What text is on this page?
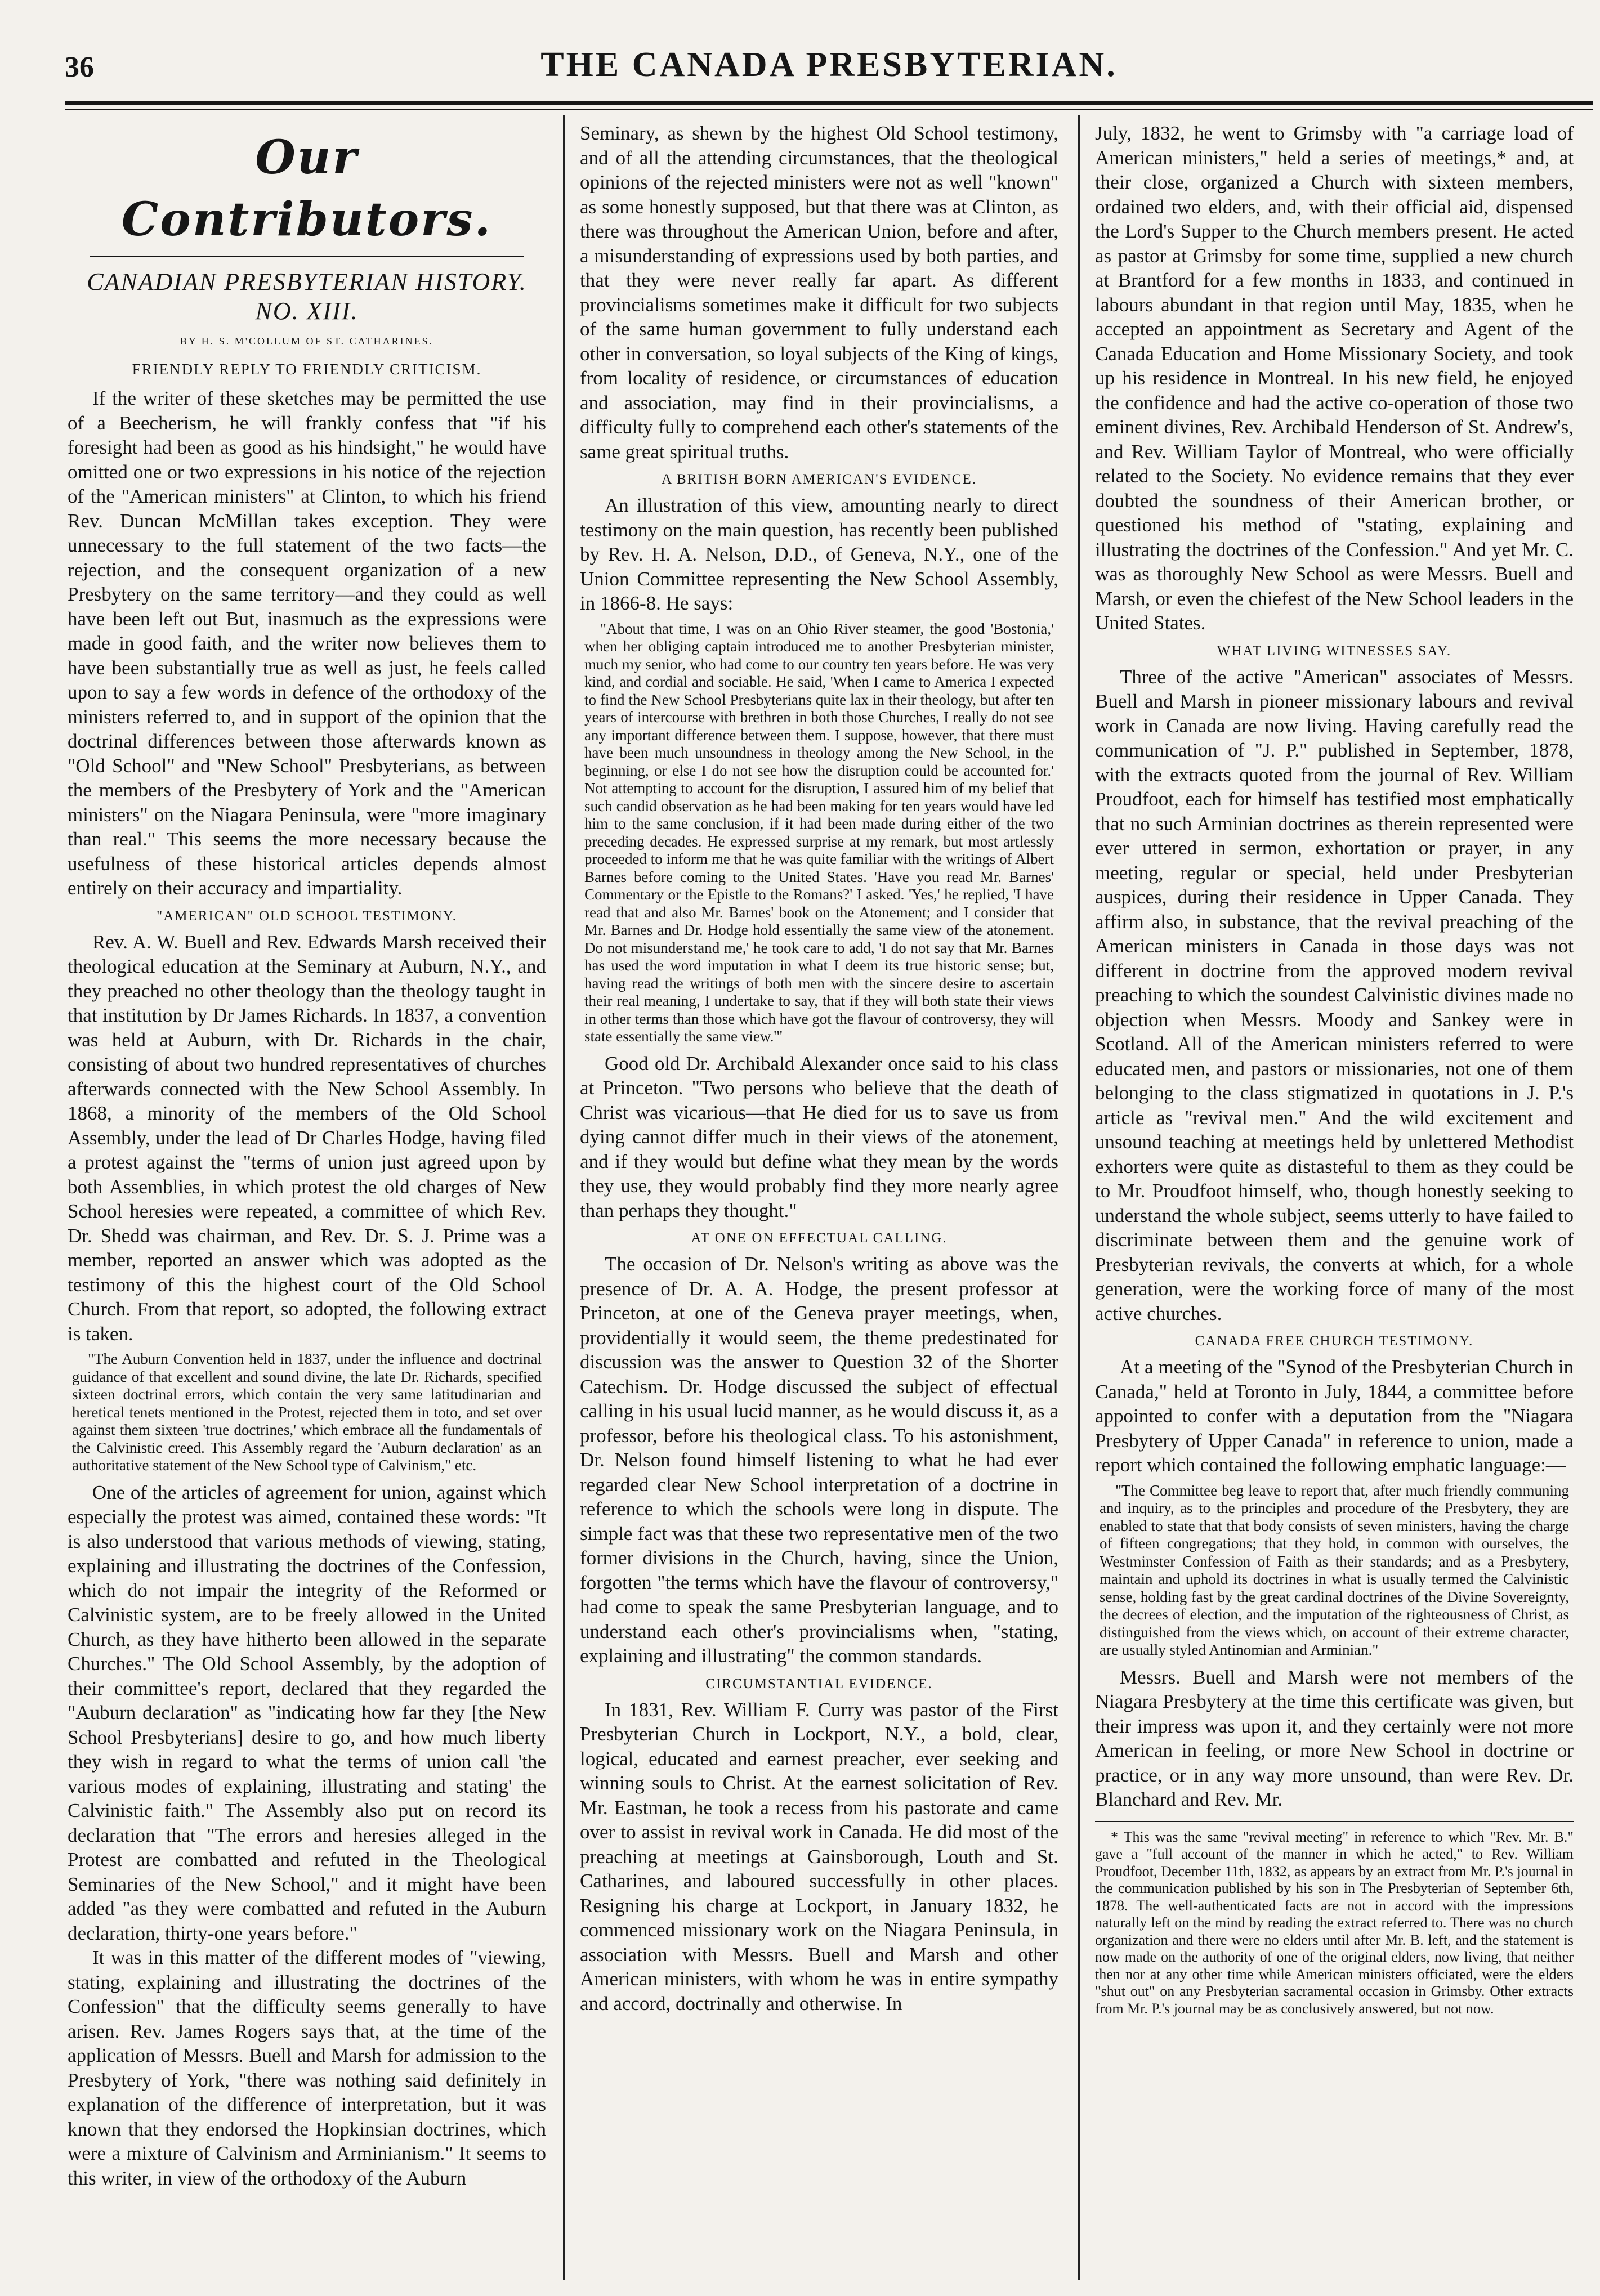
36	THE CANADA PRESBYTERIAN.
Our Contributors.
CANADIAN PRESBYTERIAN HISTORY.
NO. XIII.
BY H. S. M'COLLUM OF ST. CATHARINES.
FRIENDLY REPLY TO FRIENDLY CRITICISM.

If the writer of these sketches may be permitted the use of a Beecherism, he will frankly confess that "if his foresight had been as good as his hindsight," he would have omitted one or two expressions in his notice of the rejection of the "American ministers" at Clinton, to which his friend Rev. Duncan McMillan takes exception. They were unnecessary to the full statement of the two facts—the rejection, and the consequent organization of a new Presbytery on the same territory—and they could as well have been left out But, inasmuch as the expressions were made in good faith, and the writer now believes them to have been substantially true as well as just, he feels called upon to say a few words in defence of the orthodoxy of the ministers referred to, and in support of the opinion that the doctrinal differences between those afterwards known as "Old School" and "New School" Presbyterians, as between the members of the Presbytery of York and the "American ministers" on the Niagara Peninsula, were "more imaginary than real." This seems the more necessary because the usefulness of these historical articles depends almost entirely on their accuracy and impartiality.

"AMERICAN" OLD SCHOOL TESTIMONY.

Rev. A. W. Buell and Rev. Edwards Marsh received their theological education at the Seminary at Auburn, N.Y., and they preached no other theology than the theology taught in that institution by Dr James Richards. In 1837, a convention was held at Auburn, with Dr. Richards in the chair, consisting of about two hundred representatives of churches afterwards connected with the New School Assembly. In 1868, a minority of the members of the Old School Assembly, under the lead of Dr Charles Hodge, having filed a protest against the "terms of union just agreed upon by both Assemblies, in which protest the old charges of New School heresies were repeated, a committee of which Rev. Dr. Shedd was chairman, and Rev. Dr. S. J. Prime was a member, reported an answer which was adopted as the testimony of this the highest court of the Old School Church. From that report, so adopted, the following extract is taken.

"The Auburn Convention held in 1837, under the influence and doctrinal guidance of that excellent and sound divine, the late Dr. Richards, specified sixteen doctrinal errors, which contain the very same latitudinarian and heretical tenets mentioned in the Protest, rejected them in toto, and set over against them sixteen 'true doctrines,' which embrace all the fundamentals of the Calvinistic creed. This Assembly regard the 'Auburn declaration' as an authoritative statement of the New School type of Calvinism," etc.

One of the articles of agreement for union, against which especially the protest was aimed, contained these words: "It is also understood that various methods of viewing, stating, explaining and illustrating the doctrines of the Confession, which do not impair the integrity of the Reformed or Calvinistic system, are to be freely allowed in the United Church, as they have hitherto been allowed in the separate Churches." The Old School Assembly, by the adoption of their committee's report, declared that they regarded the "Auburn declaration" as "indicating how far they [the New School Presbyterians] desire to go, and how much liberty they wish in regard to what the terms of union call 'the various modes of explaining, illustrating and stating' the Calvinistic faith." The Assembly also put on record its declaration that "The errors and heresies alleged in the Protest are combatted and refuted in the Theological Seminaries of the New School," and it might have been added "as they were combatted and refuted in the Auburn declaration, thirty-one years before."

It was in this matter of the different modes of "viewing, stating, explaining and illustrating the doctrines of the Confession" that the difficulty seems generally to have arisen. Rev. James Rogers says that, at the time of the application of Messrs. Buell and Marsh for admission to the Presbytery of York, "there was nothing said definitely in explanation of the difference of interpretation, but it was known that they endorsed the Hopkinsian doctrines, which were a mixture of Calvinism and Arminianism." It seems to this writer, in view of the orthodoxy of the Auburn

Seminary, as shewn by the highest Old School testimony, and of all the attending circumstances, that the theological opinions of the rejected ministers were not as well "known" as some honestly supposed, but that there was at Clinton, as there was throughout the American Union, before and after, a misunderstanding of expressions used by both parties, and that they were never really far apart. As different provincialisms sometimes make it difficult for two subjects of the same human government to fully understand each other in conversation, so loyal subjects of the King of kings, from locality of residence, or circumstances of education and association, may find in their provincialisms, a difficulty fully to comprehend each other's statements of the same great spiritual truths.

A BRITISH BORN AMERICAN'S EVIDENCE.

An illustration of this view, amounting nearly to direct testimony on the main question, has recently been published by Rev. H. A. Nelson, D.D., of Geneva, N.Y., one of the Union Committee representing the New School Assembly, in 1866-8. He says:

"About that time, I was on an Ohio River steamer, the good 'Bostonia,' when her obliging captain introduced me to another Presbyterian minister, much my senior, who had come to our country ten years before. He was very kind, and cordial and sociable. He said, 'When I came to America I expected to find the New School Presbyterians quite lax in their theology, but after ten years of intercourse with brethren in both those Churches, I really do not see any important difference between them. I suppose, however, that there must have been much unsoundness in theology among the New School, in the beginning, or else I do not see how the disruption could be accounted for.' Not attempting to account for the disruption, I assured him of my belief that such candid observation as he had been making for ten years would have led him to the same conclusion, if it had been made during either of the two preceding decades. He expressed surprise at my remark, but most artlessly proceeded to inform me that he was quite familiar with the writings of Albert Barnes before coming to the United States. 'Have you read Mr. Barnes' Commentary or the Epistle to the Romans?' I asked. 'Yes,' he replied, 'I have read that and also Mr. Barnes' book on the Atonement; and I consider that Mr. Barnes and Dr. Hodge hold essentially the same view of the atonement. Do not misunderstand me,' he took care to add, 'I do not say that Mr. Barnes has used the word imputation in what I deem its true historic sense; but, having read the writings of both men with the sincere desire to ascertain their real meaning, I undertake to say, that if they will both state their views in other terms than those which have got the flavour of controversy, they will state essentially the same view.'"

Good old Dr. Archibald Alexander once said to his class at Princeton. "Two persons who believe that the death of Christ was vicarious—that He died for us to save us from dying cannot differ much in their views of the atonement, and if they would but define what they mean by the words they use, they would probably find they more nearly agree than perhaps they thought."

AT ONE ON EFFECTUAL CALLING.

The occasion of Dr. Nelson's writing as above was the presence of Dr. A. A. Hodge, the present professor at Princeton, at one of the Geneva prayer meetings, when, providentially it would seem, the theme predestinated for discussion was the answer to Question 32 of the Shorter Catechism. Dr. Hodge discussed the subject of effectual calling in his usual lucid manner, as he would discuss it, as a professor, before his theological class. To his astonishment, Dr. Nelson found himself listening to what he had ever regarded clear New School interpretation of a doctrine in reference to which the schools were long in dispute. The simple fact was that these two representative men of the two former divisions in the Church, having, since the Union, forgotten "the terms which have the flavour of controversy," had come to speak the same Presbyterian language, and to understand each other's provincialisms when, "stating, explaining and illustrating" the common standards.

CIRCUMSTANTIAL EVIDENCE.

In 1831, Rev. William F. Curry was pastor of the First Presbyterian Church in Lockport, N.Y., a bold, clear, logical, educated and earnest preacher, ever seeking and winning souls to Christ. At the earnest solicitation of Rev. Mr. Eastman, he took a recess from his pastorate and came over to assist in revival work in Canada. He did most of the preaching at meetings at Gainsborough, Louth and St. Catharines, and laboured successfully in other places. Resigning his charge at Lockport, in January 1832, he commenced missionary work on the Niagara Peninsula, in association with Messrs. Buell and Marsh and other American ministers, with whom he was in entire sympathy and accord, doctrinally and otherwise. In

July, 1832, he went to Grimsby with "a carriage load of American ministers," held a series of meetings,* and, at their close, organized a Church with sixteen members, ordained two elders, and, with their official aid, dispensed the Lord's Supper to the Church members present. He acted as pastor at Grimsby for some time, supplied a new church at Brantford for a few months in 1833, and continued in labours abundant in that region until May, 1835, when he accepted an appointment as Secretary and Agent of the Canada Education and Home Missionary Society, and took up his residence in Montreal. In his new field, he enjoyed the confidence and had the active co-operation of those two eminent divines, Rev. Archibald Henderson of St. Andrew's, and Rev. William Taylor of Montreal, who were officially related to the Society. No evidence remains that they ever doubted the soundness of their American brother, or questioned his method of "stating, explaining and illustrating the doctrines of the Confession." And yet Mr. C. was as thoroughly New School as were Messrs. Buell and Marsh, or even the chiefest of the New School leaders in the United States.

WHAT LIVING WITNESSES SAY.

Three of the active "American" associates of Messrs. Buell and Marsh in pioneer missionary labours and revival work in Canada are now living. Having carefully read the communication of "J. P." published in September, 1878, with the extracts quoted from the journal of Rev. William Proudfoot, each for himself has testified most emphatically that no such Arminian doctrines as therein represented were ever uttered in sermon, exhortation or prayer, in any meeting, regular or special, held under Presbyterian auspices, during their residence in Upper Canada. They affirm also, in substance, that the revival preaching of the American ministers in Canada in those days was not different in doctrine from the approved modern revival preaching to which the soundest Calvinistic divines made no objection when Messrs. Moody and Sankey were in Scotland. All of the American ministers referred to were educated men, and pastors or missionaries, not one of them belonging to the class stigmatized in quotations in J. P.'s article as "revival men." And the wild excitement and unsound teaching at meetings held by unlettered Methodist exhorters were quite as distasteful to them as they could be to Mr. Proudfoot himself, who, though honestly seeking to understand the whole subject, seems utterly to have failed to discriminate between them and the genuine work of Presbyterian revivals, the converts at which, for a whole generation, were the working force of many of the most active churches.

CANADA FREE CHURCH TESTIMONY.

At a meeting of the "Synod of the Presbyterian Church in Canada," held at Toronto in July, 1844, a committee before appointed to confer with a deputation from the "Niagara Presbytery of Upper Canada" in reference to union, made a report which contained the following emphatic language:—

"The Committee beg leave to report that, after much friendly communing and inquiry, as to the principles and procedure of the Presbytery, they are enabled to state that that body consists of seven ministers, having the charge of fifteen congregations; that they hold, in common with ourselves, the Westminster Confession of Faith as their standards; and as a Presbytery, maintain and uphold its doctrines in what is usually termed the Calvinistic sense, holding fast by the great cardinal doctrines of the Divine Sovereignty, the decrees of election, and the imputation of the righteousness of Christ, as distinguished from the views which, on account of their extreme character, are usually styled Antinomian and Arminian."

Messrs. Buell and Marsh were not members of the Niagara Presbytery at the time this certificate was given, but their impress was upon it, and they certainly were not more American in feeling, or more New School in doctrine or practice, or in any way more unsound, than were Rev. Dr. Blanchard and Rev. Mr.

* This was the same "revival meeting" in reference to which "Rev. Mr. B." gave a "full account of the manner in which he acted," to Rev. William Proudfoot, December 11th, 1832, as appears by an extract from Mr. P.'s journal in the communication published by his son in The Presbyterian of September 6th, 1878. The well-authenticated facts are not in accord with the impressions naturally left on the mind by reading the extract referred to. There was no church organization and there were no elders until after Mr. B. left, and the statement is now made on the authority of one of the original elders, now living, that neither then nor at any other time while American ministers officiated, were the elders "shut out" on any Presbyterian sacramental occasion in Grimsby. Other extracts from Mr. P.'s journal may be as conclusively answered, but not now.
